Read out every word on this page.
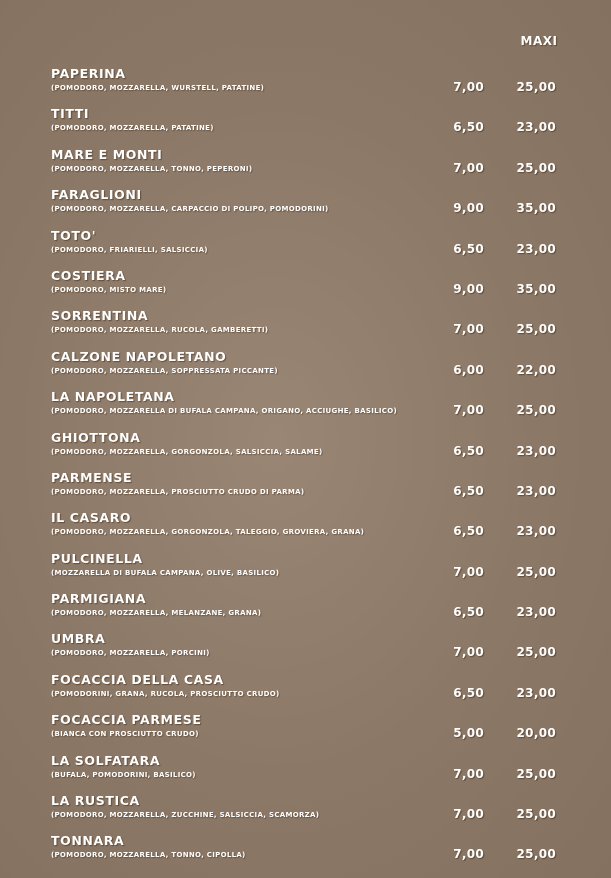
MAXI
PAPERINA
(POMODORO, MOZZARELLA, WURSTELL, PATATINE)	7,00	25,00
TITTI
(POMODORO, MOZZARELLA, PATATINE)	6,50	23,00
MARE E MONTI
(POMODORO, MOZZARELLA, TONNO, PEPERONI)	7,00	25,00
FARAGLIONI
(POMODORO, MOZZARELLA, CARPACCIO DI POLIPO, POMODORINI)	9,00	35,00
TOTO'
(POMODORO, FRIARIELLI, SALSICCIA)	6,50	23,00
COSTIERA
(POMODORO, MISTO MARE)	9,00	35,00
SORRENTINA
(POMODORO, MOZZARELLA, RUCOLA, GAMBERETTI)	7,00	25,00
CALZONE NAPOLETANO
(POMODORO, MOZZARELLA, SOPPRESSATA PICCANTE)	6,00	22,00
LA NAPOLETANA
(POMODORO, MOZZARELLA DI BUFALA CAMPANA, ORIGANO, ACCIUGHE, BASILICO)	7,00	25,00
GHIOTTONA
(POMODORO, MOZZARELLA, GORGONZOLA, SALSICCIA, SALAME)	6,50	23,00
PARMENSE
(POMODORO, MOZZARELLA, PROSCIUTTO CRUDO DI PARMA)	6,50	23,00
IL CASARO
(POMODORO, MOZZARELLA, GORGONZOLA, TALEGGIO, GROVIERA, GRANA)	6,50	23,00
PULCINELLA
(MOZZARELLA DI BUFALA CAMPANA, OLIVE, BASILICO)	7,00	25,00
PARMIGIANA
(POMODORO, MOZZARELLA, MELANZANE, GRANA)	6,50	23,00
UMBRA
(POMODORO, MOZZARELLA, PORCINI)	7,00	25,00
FOCACCIA DELLA CASA
(POMODORINI, GRANA, RUCOLA, PROSCIUTTO CRUDO)	6,50	23,00
FOCACCIA PARMESE
(BIANCA CON PROSCIUTTO CRUDO)	5,00	20,00
LA SOLFATARA
(BUFALA, POMODORINI, BASILICO)	7,00	25,00
LA RUSTICA
(POMODORO, MOZZARELLA, ZUCCHINE, SALSICCIA, SCAMORZA)	7,00	25,00
TONNARA
(POMODORO, MOZZARELLA, TONNO, CIPOLLA)	7,00	25,00
